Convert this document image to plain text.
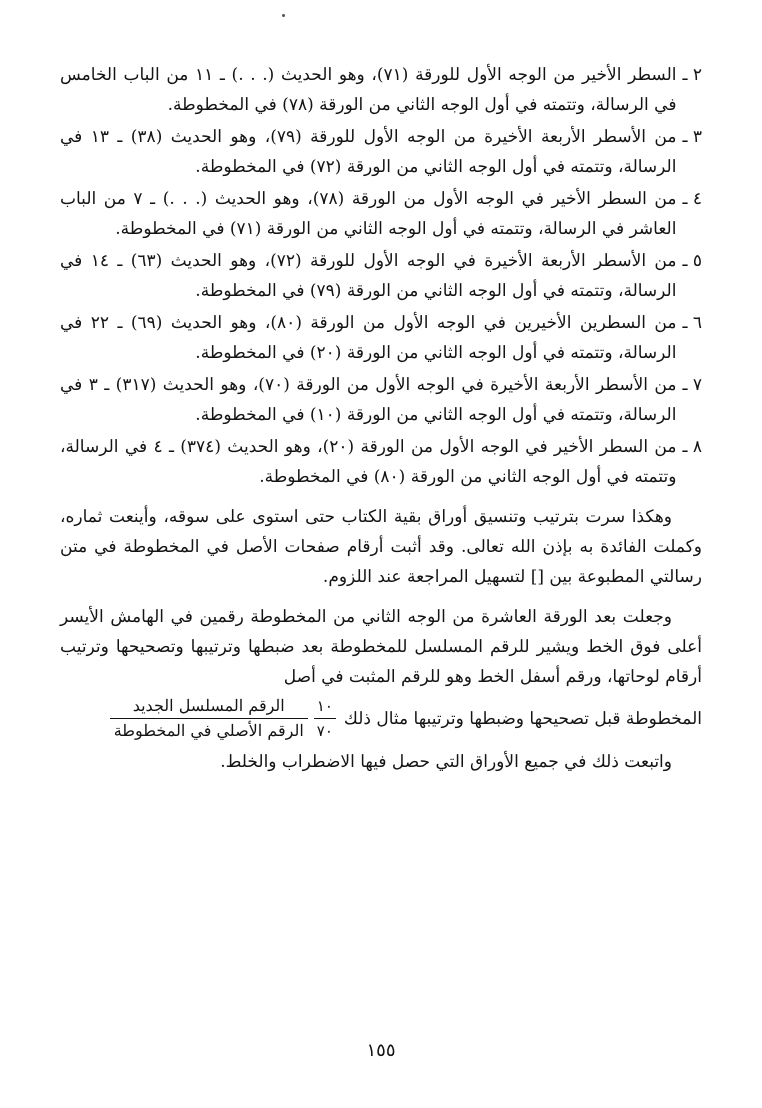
٢ ـ
السطر الأخير من الوجه الأول للورقة (٧١)، وهو الحديث (. . .) ـ ١١ من الباب الخامس في الرسالة، وتتمته في أول الوجه الثاني من الورقة (٧٨) في المخطوطة.
٣ ـ
من الأسطر الأربعة الأخيرة من الوجه الأول للورقة (٧٩)، وهو الحديث (٣٨) ـ ١٣ في الرسالة، وتتمته في أول الوجه الثاني من الورقة (٧٢) في المخطوطة.
٤ ـ
من السطر الأخير في الوجه الأول من الورقة (٧٨)، وهو الحديث (. . .) ـ ٧ من الباب العاشر في الرسالة، وتتمته في أول الوجه الثاني من الورقة (٧١) في المخطوطة.
٥ ـ
من الأسطر الأربعة الأخيرة في الوجه الأول للورقة (٧٢)، وهو الحديث (٦٣) ـ ١٤ في الرسالة، وتتمته في أول الوجه الثاني من الورقة (٧٩) في المخطوطة.
٦ ـ
من السطرين الأخيرين في الوجه الأول من الورقة (٨٠)، وهو الحديث (٦٩) ـ ٢٢ في الرسالة، وتتمته في أول الوجه الثاني من الورقة (٢٠) في المخطوطة.
٧ ـ
من الأسطر الأربعة الأخيرة في الوجه الأول من الورقة (٧٠)، وهو الحديث (٣١٧) ـ ٣ في الرسالة، وتتمته في أول الوجه الثاني من الورقة (١٠) في المخطوطة.
٨ ـ
من السطر الأخير في الوجه الأول من الورقة (٢٠)، وهو الحديث (٣٧٤) ـ ٤ في الرسالة، وتتمته في أول الوجه الثاني من الورقة (٨٠) في المخطوطة.

وهكذا سرت بترتيب وتنسيق أوراق بقية الكتاب حتى استوى على سوقه، وأينعت ثماره، وكملت الفائدة به بإذن الله تعالى. وقد أثبت أرقام صفحات الأصل في المخطوطة في متن رسالتي المطبوعة بين [] لتسهيل المراجعة عند اللزوم.

وجعلت بعد الورقة العاشرة من الوجه الثاني من المخطوطة رقمين في الهامش الأيسر أعلى فوق الخط ويشير للرقم المسلسل للمخطوطة بعد ضبطها وترتيبها وتصحيحها وترتيب أرقام لوحاتها، ورقم أسفل الخط وهو للرقم المثبت في أصل

المخطوطة قبل تصحيحها وضبطها وترتيبها مثال ذلك
$\frac{١٠}{٧٠}$
$\frac{\text{الرقم المسلسل الجديد}}{\text{الرقم الأصلي في المخطوطة}}$

واتبعت ذلك في جميع الأوراق التي حصل فيها الاضطراب والخلط.

١٥٥
